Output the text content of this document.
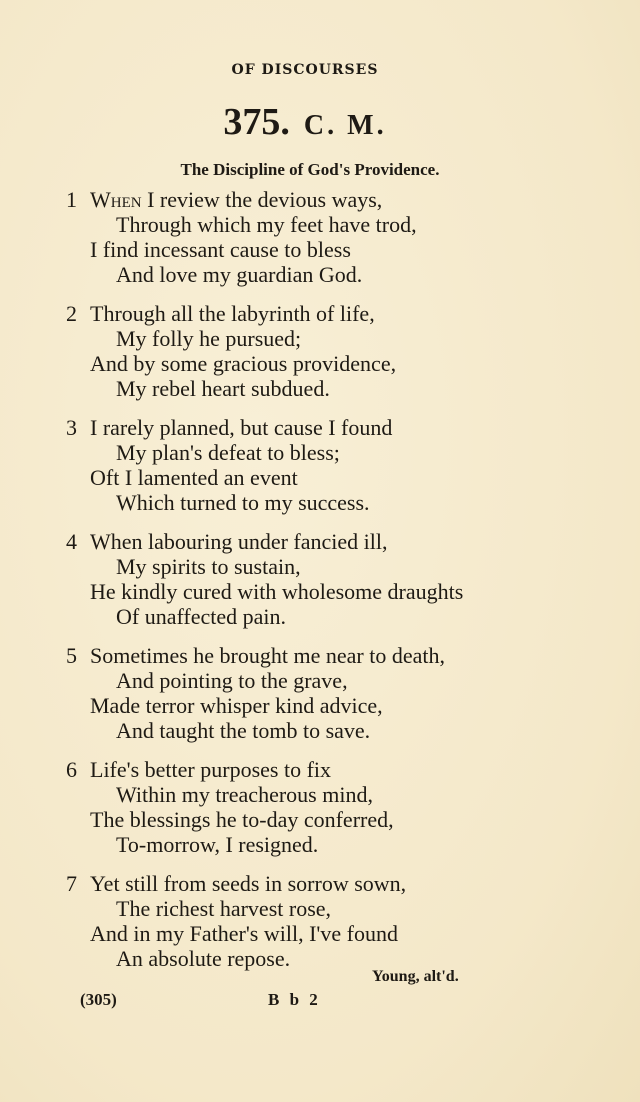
OF DISCOURSES
375. C. M.
The Discipline of God's Providence.
1 When I review the devious ways,
Through which my feet have trod,
I find incessant cause to bless
And love my guardian God.
2 Through all the labyrinth of life,
My folly he pursued;
And by some gracious providence,
My rebel heart subdued.
3 I rarely planned, but cause I found
My plan's defeat to bless;
Oft I lamented an event
Which turned to my success.
4 When labouring under fancied ill,
My spirits to sustain,
He kindly cured with wholesome draughts
Of unaffected pain.
5 Sometimes he brought me near to death,
And pointing to the grave,
Made terror whisper kind advice,
And taught the tomb to save.
6 Life's better purposes to fix
Within my treacherous mind,
The blessings he to-day conferred,
To-morrow, I resigned.
7 Yet still from seeds in sorrow sown,
The richest harvest rose,
And in my Father's will, I've found
An absolute repose.
Young, alt'd.
(305)	B b 2
